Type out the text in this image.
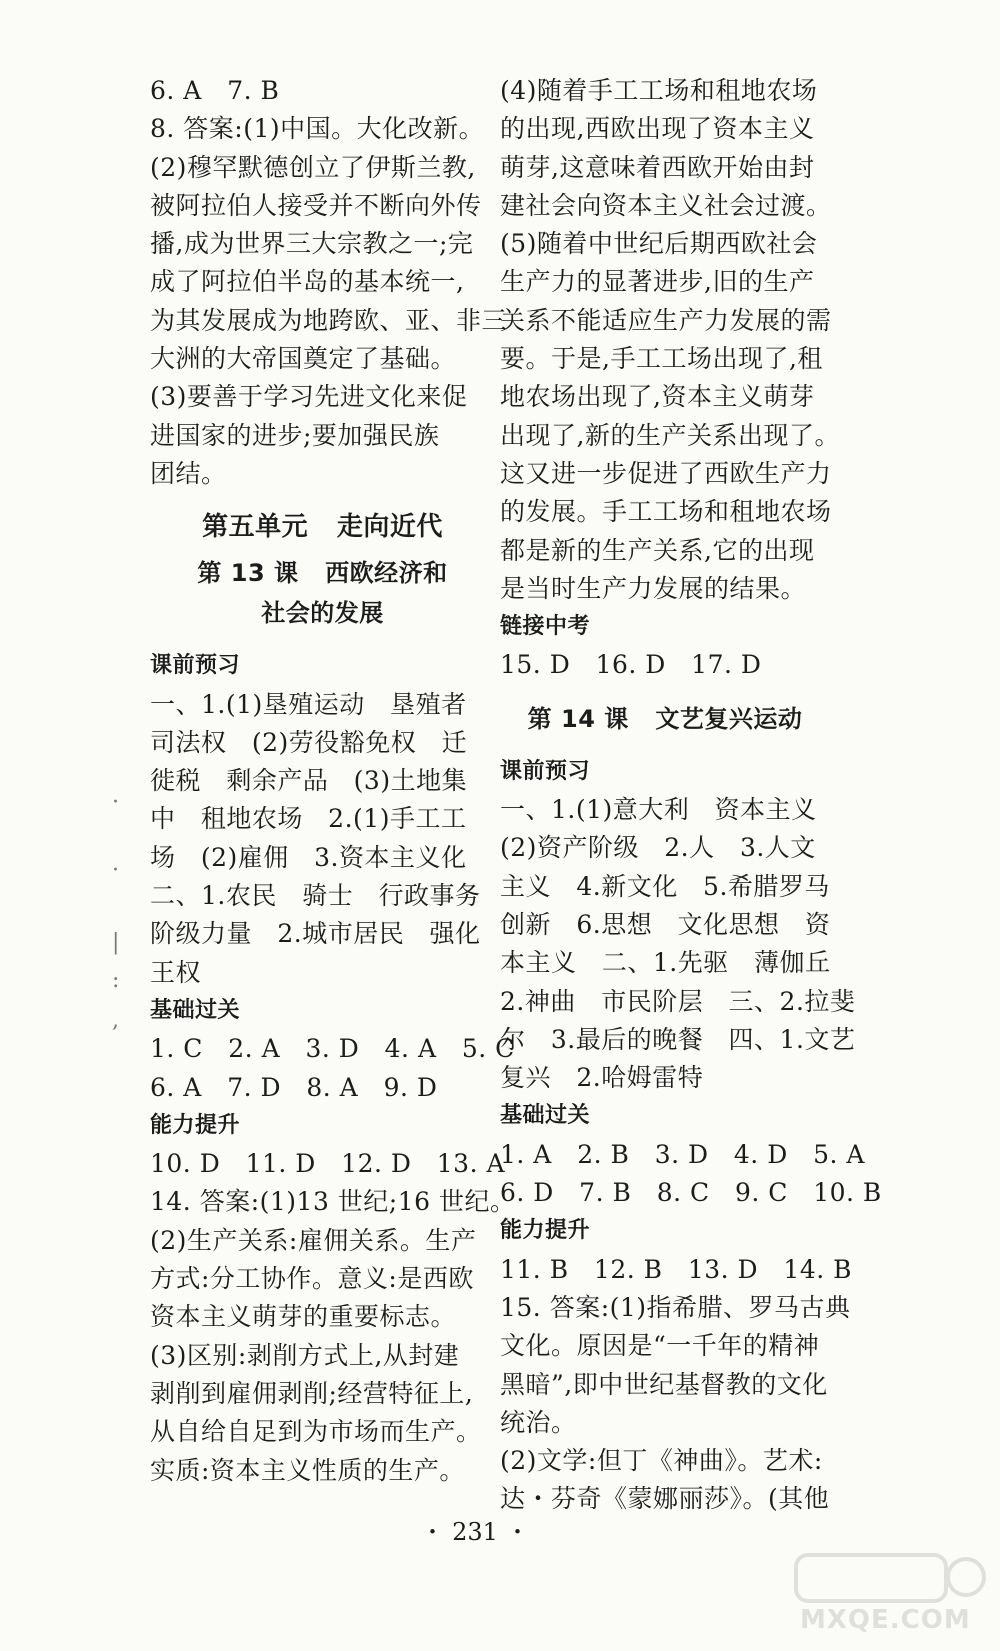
6. A   7. B

8. 答案:(1)中国。大化改新。

(2)穆罕默德创立了伊斯兰教,

被阿拉伯人接受并不断向外传

播,成为世界三大宗教之一;完

成了阿拉伯半岛的基本统一,

为其发展成为地跨欧、亚、非三

大洲的大帝国奠定了基础。

(3)要善于学习先进文化来促

进国家的进步;要加强民族

团结。

第五单元   走向近代

第 13 课   西欧经济和

社会的发展

课前预习

一、1.(1)垦殖运动   垦殖者

司法权   (2)劳役豁免权   迁

徙税   剩余产品   (3)土地集

中   租地农场   2.(1)手工工

场   (2)雇佣   3.资本主义化

二、1.农民   骑士   行政事务

阶级力量   2.城市居民   强化

王权

基础过关

1. C   2. A   3. D   4. A   5. C

6. A   7. D   8. A   9. D

能力提升

10. D   11. D   12. D   13. A

14. 答案:(1)13 世纪;16 世纪。

(2)生产关系:雇佣关系。生产

方式:分工协作。意义:是西欧

资本主义萌芽的重要标志。

(3)区别:剥削方式上,从封建

剥削到雇佣剥削;经营特征上,

从自给自足到为市场而生产。

实质:资本主义性质的生产。

(4)随着手工工场和租地农场

的出现,西欧出现了资本主义

萌芽,这意味着西欧开始由封

建社会向资本主义社会过渡。

(5)随着中世纪后期西欧社会

生产力的显著进步,旧的生产

关系不能适应生产力发展的需

要。于是,手工工场出现了,租

地农场出现了,资本主义萌芽

出现了,新的生产关系出现了。

这又进一步促进了西欧生产力

的发展。手工工场和租地农场

都是新的生产关系,它的出现

是当时生产力发展的结果。

链接中考

15. D   16. D   17. D

第 14 课   文艺复兴运动

课前预习

一、1.(1)意大利   资本主义

(2)资产阶级   2.人   3.人文

主义   4.新文化   5.希腊罗马

创新   6.思想   文化思想   资

本主义   二、1.先驱   薄伽丘

2.神曲   市民阶层   三、2.拉斐

尔   3.最后的晚餐   四、1.文艺

复兴   2.哈姆雷特

基础过关

1. A   2. B   3. D   4. D   5. A

6. D   7. B   8. C   9. C   10. B

能力提升

11. B   12. B   13. D   14. B

15. 答案:(1)指希腊、罗马古典

文化。原因是“一千年的精神

黑暗”,即中世纪基督教的文化

统治。

(2)文学:但丁《神曲》。艺术:

达・芬奇《蒙娜丽莎》。(其他

・ 231 ・
·
·
|
:
,
MXQE.COM
